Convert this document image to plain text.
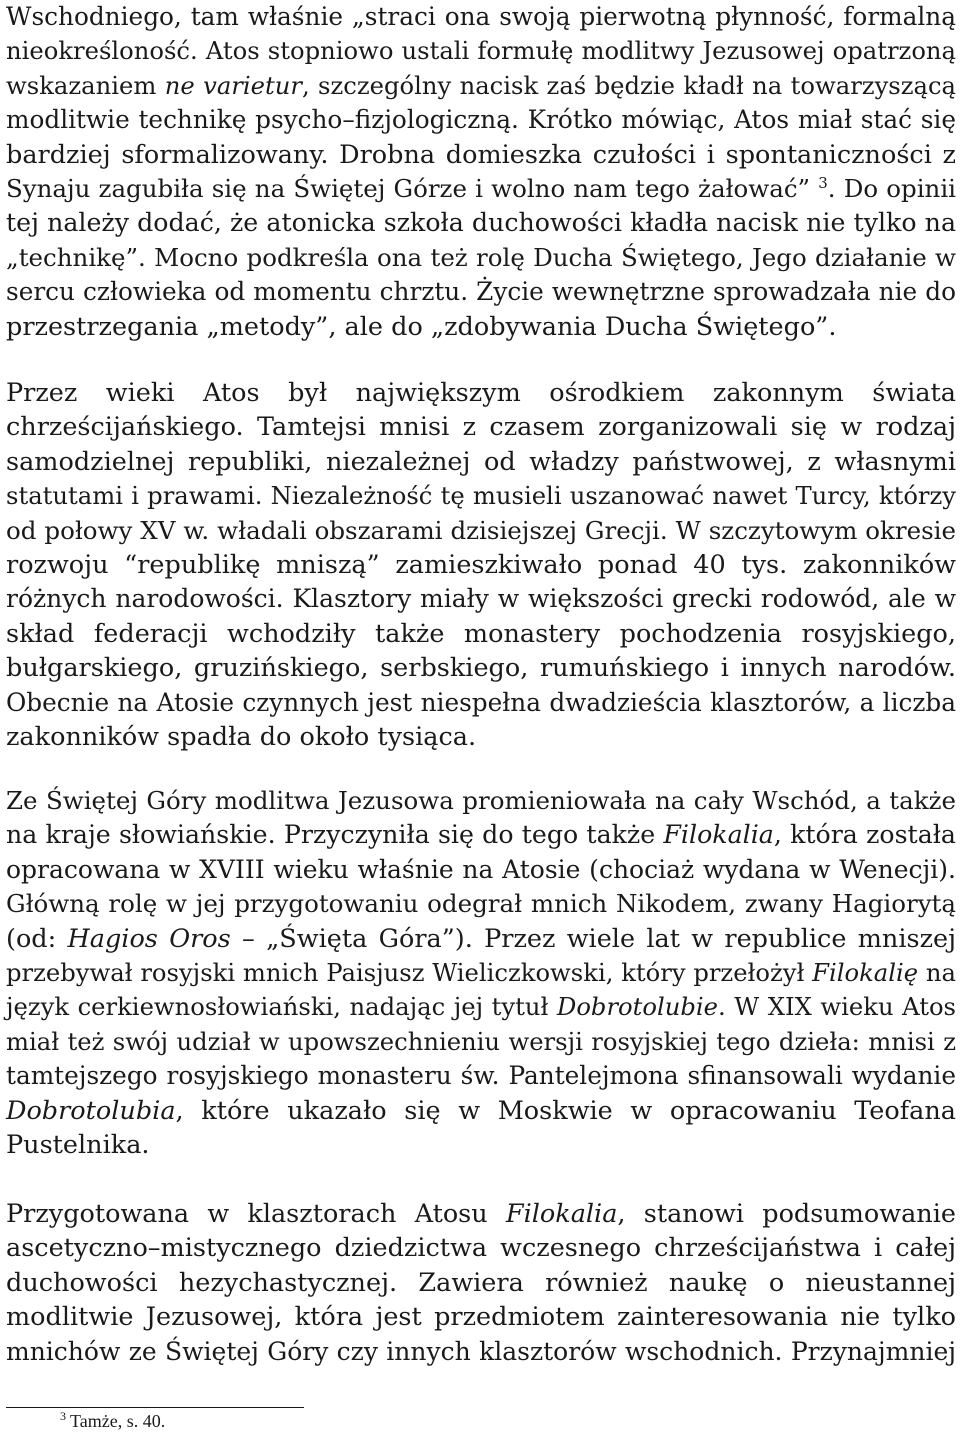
Wschodniego, tam właśnie „straci ona swoją pierwotną płynność, formalną
nieokreśloność. Atos stopniowo ustali formułę modlitwy Jezusowej opatrzoną
wskazaniem ne varietur, szczególny nacisk zaś będzie kładł na towarzyszącą
modlitwie technikę psycho–fizjologiczną. Krótko mówiąc, Atos miał stać się
bardziej sformalizowany. Drobna domieszka czułości i spontaniczności z
Synaju zagubiła się na Świętej Górze i wolno nam tego żałować” $^3$. Do opinii
tej należy dodać, że atonicka szkoła duchowości kładła nacisk nie tylko na
„technikę”. Mocno podkreśla ona też rolę Ducha Świętego, Jego działanie w
sercu człowieka od momentu chrztu. Życie wewnętrzne sprowadzała nie do
przestrzegania „metody”, ale do „zdobywania Ducha Świętego”.
Przez wieki Atos był największym ośrodkiem zakonnym świata
chrześcijańskiego. Tamtejsi mnisi z czasem zorganizowali się w rodzaj
samodzielnej republiki, niezależnej od władzy państwowej, z własnymi
statutami i prawami. Niezależność tę musieli uszanować nawet Turcy, którzy
od połowy XV w. władali obszarami dzisiejszej Grecji. W szczytowym okresie
rozwoju “republikę mniszą” zamieszkiwało ponad 40 tys. zakonników
różnych narodowości. Klasztory miały w większości grecki rodowód, ale w
skład federacji wchodziły także monastery pochodzenia rosyjskiego,
bułgarskiego, gruzińskiego, serbskiego, rumuńskiego i innych narodów.
Obecnie na Atosie czynnych jest niespełna dwadzieścia klasztorów, a liczba
zakonników spadła do około tysiąca.
Ze Świętej Góry modlitwa Jezusowa promieniowała na cały Wschód, a także
na kraje słowiańskie. Przyczyniła się do tego także Filokalia, która została
opracowana w XVIII wieku właśnie na Atosie (chociaż wydana w Wenecji).
Główną rolę w jej przygotowaniu odegrał mnich Nikodem, zwany Hagiorytą
(od: Hagios Oros – „Święta Góra”). Przez wiele lat w republice mniszej
przebywał rosyjski mnich Paisjusz Wieliczkowski, który przełożył Filokalię na
język cerkiewnosłowiański, nadając jej tytuł Dobrotolubie. W XIX wieku Atos
miał też swój udział w upowszechnieniu wersji rosyjskiej tego dzieła: mnisi z
tamtejszego rosyjskiego monasteru św. Pantelejmona sfinansowali wydanie
Dobrotolubia, które ukazało się w Moskwie w opracowaniu Teofana
Pustelnika.
Przygotowana w klasztorach Atosu Filokalia, stanowi podsumowanie
ascetyczno–mistycznego dziedzictwa wczesnego chrześcijaństwa i całej
duchowości hezychastycznej. Zawiera również naukę o nieustannej
modlitwie Jezusowej, która jest przedmiotem zainteresowania nie tylko
mnichów ze Świętej Góry czy innych klasztorów wschodnich. Przynajmniej
$^3$ Tamże, s. 40.
